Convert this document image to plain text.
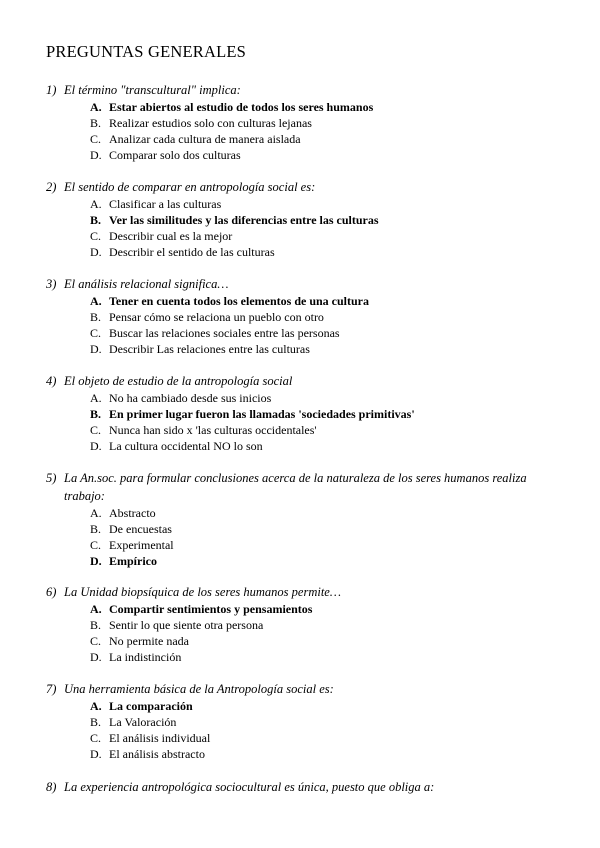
PREGUNTAS GENERALES
1) El término "transcultural" implica:
A. Estar abiertos al estudio de todos los seres humanos
B. Realizar estudios solo con culturas lejanas
C. Analizar cada cultura de manera aislada
D. Comparar solo dos culturas
2) El sentido de comparar en antropología social es:
A. Clasificar a las culturas
B. Ver las similitudes y las diferencias entre las culturas
C. Describir cual es la mejor
D. Describir el sentido de las culturas
3) El análisis relacional significa…
A. Tener en cuenta todos los elementos de una cultura
B. Pensar cómo se relaciona un pueblo con otro
C. Buscar las relaciones sociales entre las personas
D. Describir Las relaciones entre las culturas
4) El objeto de estudio de la antropología social
A. No ha cambiado desde sus inicios
B. En primer lugar fueron las llamadas 'sociedades primitivas'
C. Nunca han sido x 'las culturas occidentales'
D. La cultura occidental NO lo son
5) La An.soc. para formular conclusiones acerca de la naturaleza de los seres humanos realiza
trabajo:
A. Abstracto
B. De encuestas
C. Experimental
D. Empírico
6) La Unidad biopsíquica de los seres humanos permite…
A. Compartir sentimientos y pensamientos
B. Sentir lo que siente otra persona
C. No permite nada
D. La indistinción
7) Una herramienta básica de la Antropología social es:
A. La comparación
B. La Valoración
C. El análisis individual
D. El análisis abstracto
8) La experiencia antropológica sociocultural es única, puesto que obliga a:
